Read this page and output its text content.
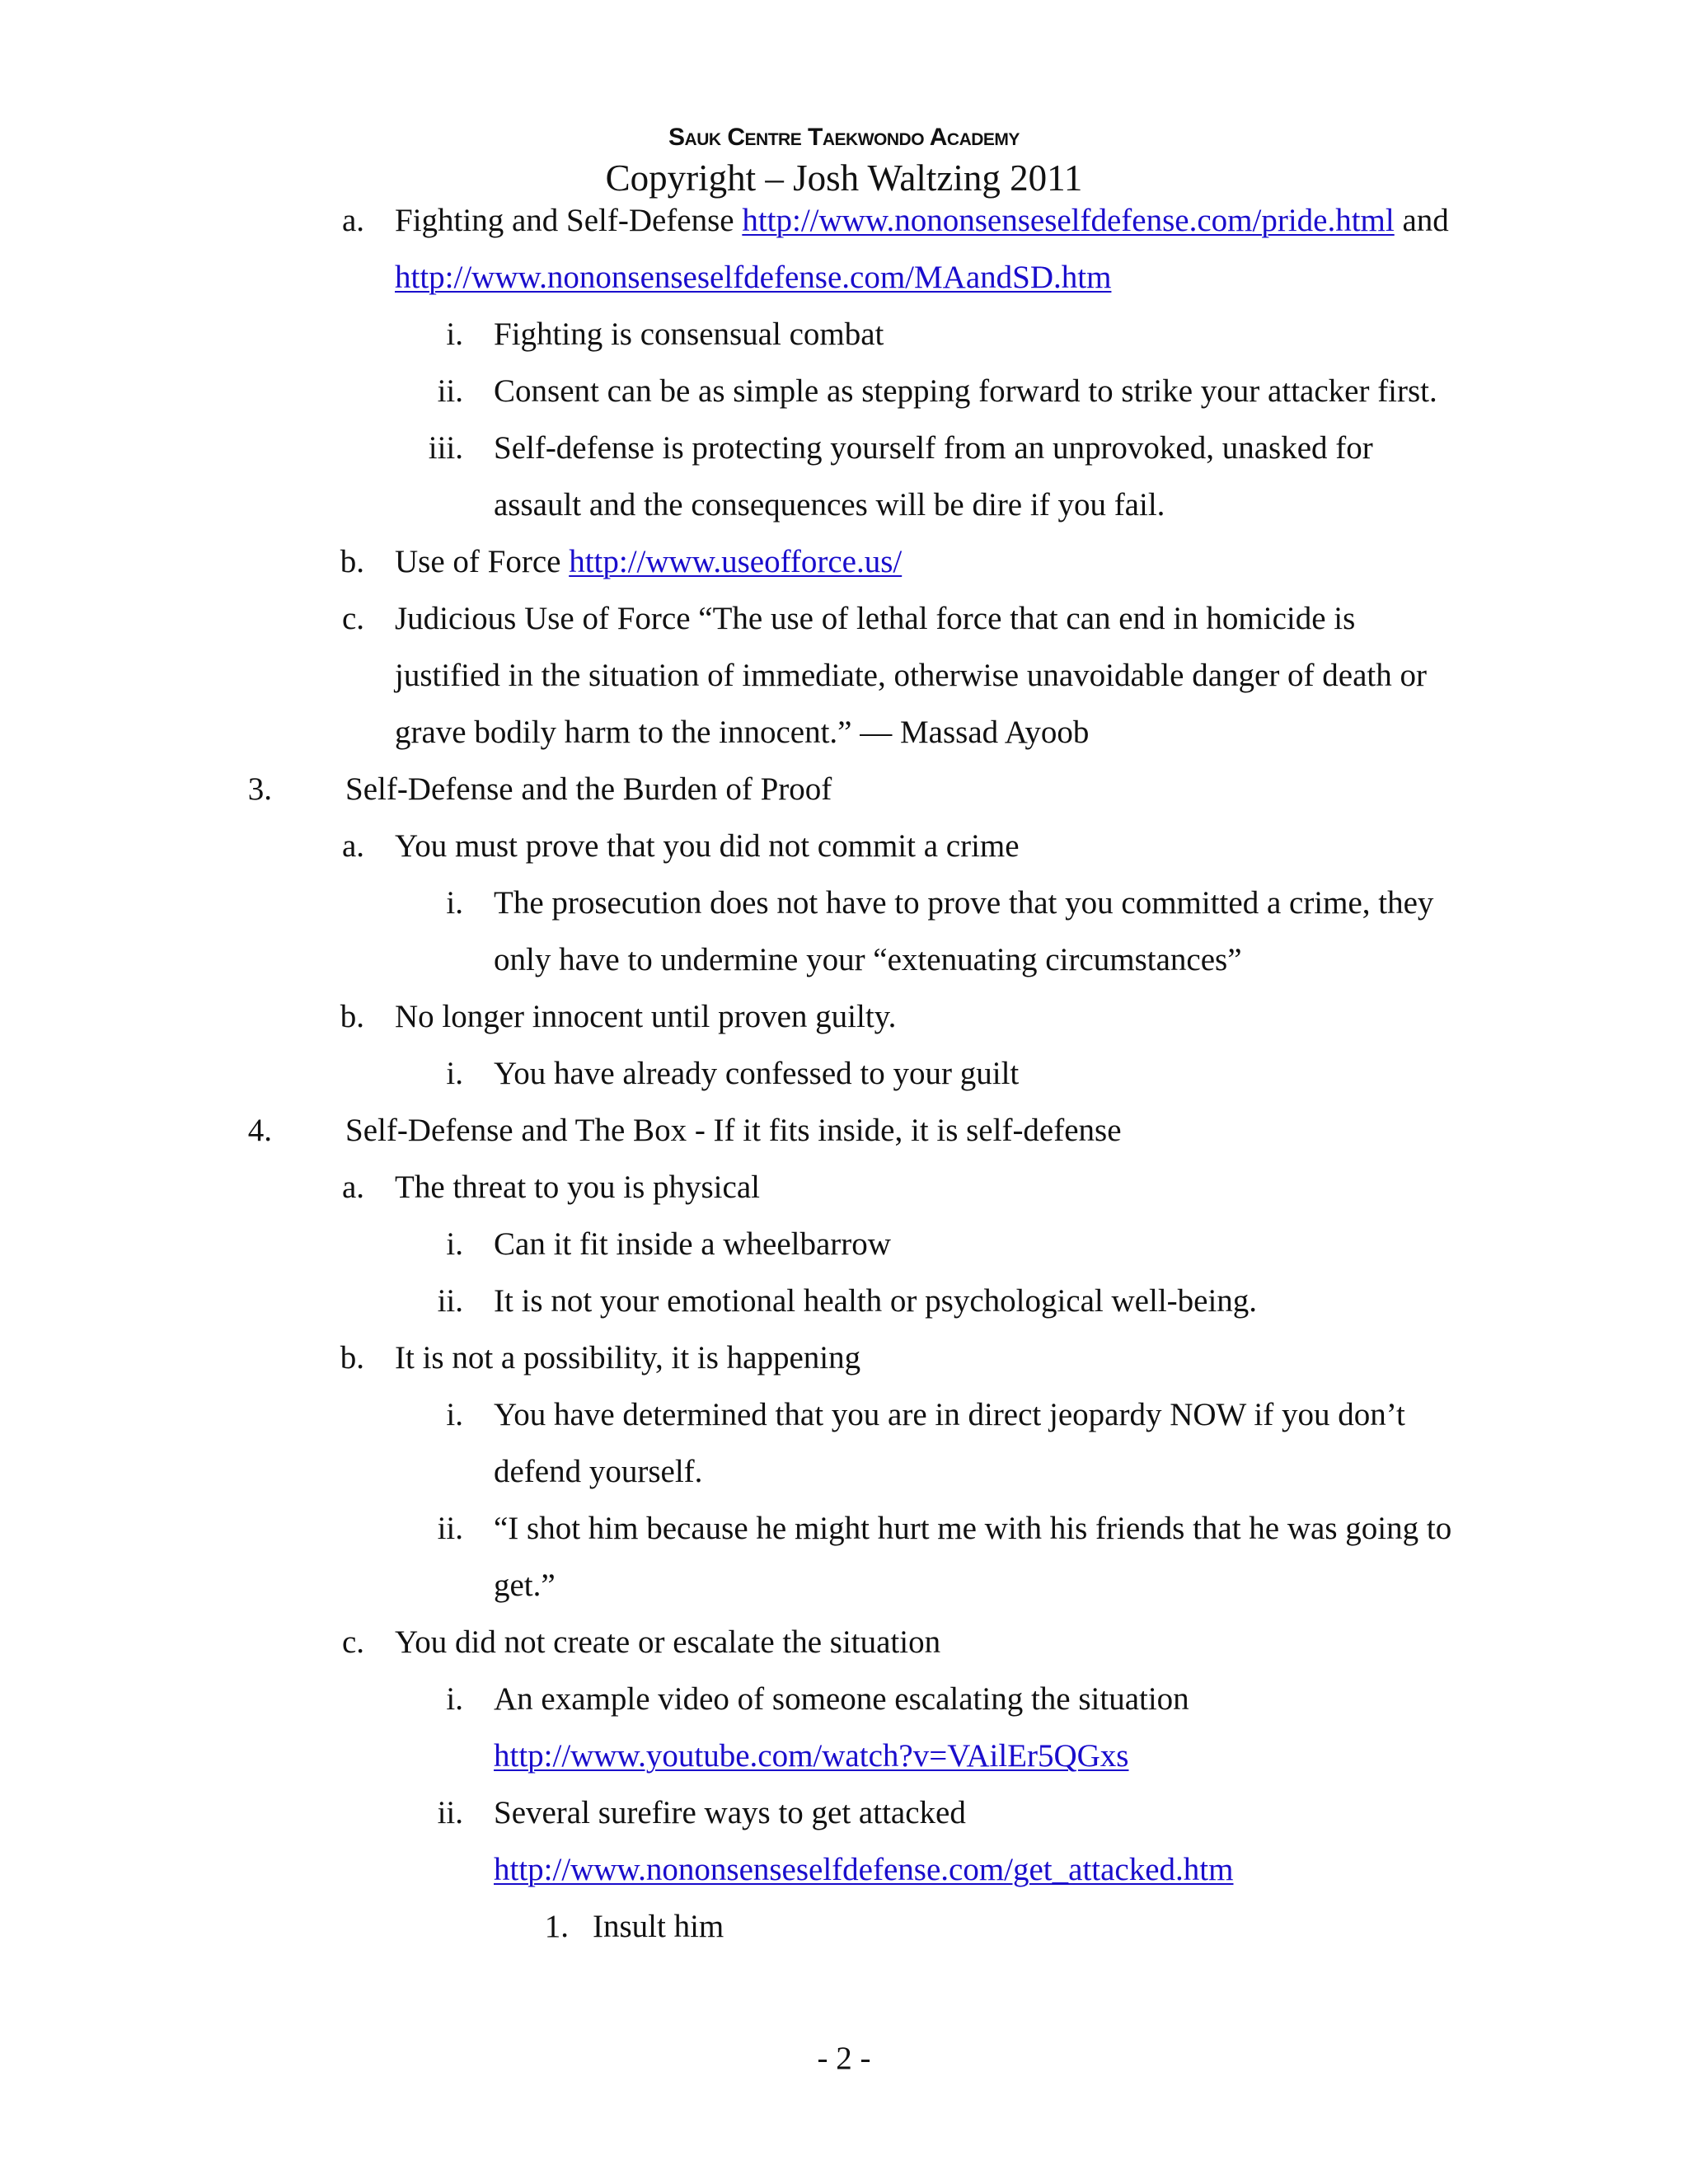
Sauk Centre Taekwondo Academy
Copyright – Josh Waltzing 2011
a. Fighting and Self-Defense http://www.nononsenseselfdefense.com/pride.html and
http://www.nononsenseselfdefense.com/MAandSD.htm
i. Fighting is consensual combat
ii. Consent can be as simple as stepping forward to strike your attacker first.
iii. Self-defense is protecting yourself from an unprovoked, unasked for
assault and the consequences will be dire if you fail.
b. Use of Force http://www.useofforce.us/
c. Judicious Use of Force “The use of lethal force that can end in homicide is
justified in the situation of immediate, otherwise unavoidable danger of death or
grave bodily harm to the innocent.” — Massad Ayoob
3. Self-Defense and the Burden of Proof
a. You must prove that you did not commit a crime
i. The prosecution does not have to prove that you committed a crime, they
only have to undermine your “extenuating circumstances”
b. No longer innocent until proven guilty.
i. You have already confessed to your guilt
4. Self-Defense and The Box - If it fits inside, it is self-defense
a. The threat to you is physical
i. Can it fit inside a wheelbarrow
ii. It is not your emotional health or psychological well-being.
b. It is not a possibility, it is happening
i. You have determined that you are in direct jeopardy NOW if you don’t
defend yourself.
ii. “I shot him because he might hurt me with his friends that he was going to
get.”
c. You did not create or escalate the situation
i. An example video of someone escalating the situation
http://www.youtube.com/watch?v=VAilEr5QGxs
ii. Several surefire ways to get attacked
http://www.nononsenseselfdefense.com/get_attacked.htm
1. Insult him
- 2 -
